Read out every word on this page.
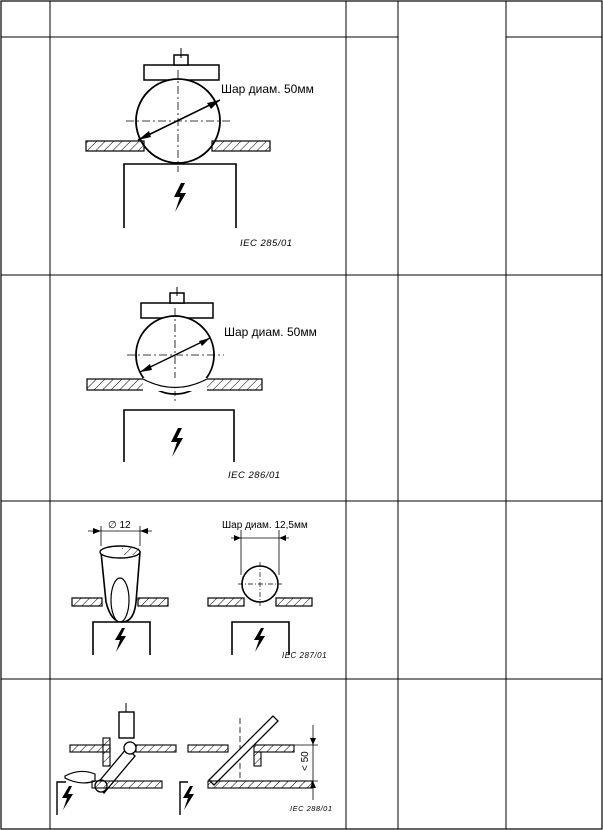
Шар диам. 50мм
IEC 285/01
Шар диам. 50мм
IEC 286/01
∅ 12	Шар диам. 12,5мм
IEC 287/01
< 50
IEC 288/01
